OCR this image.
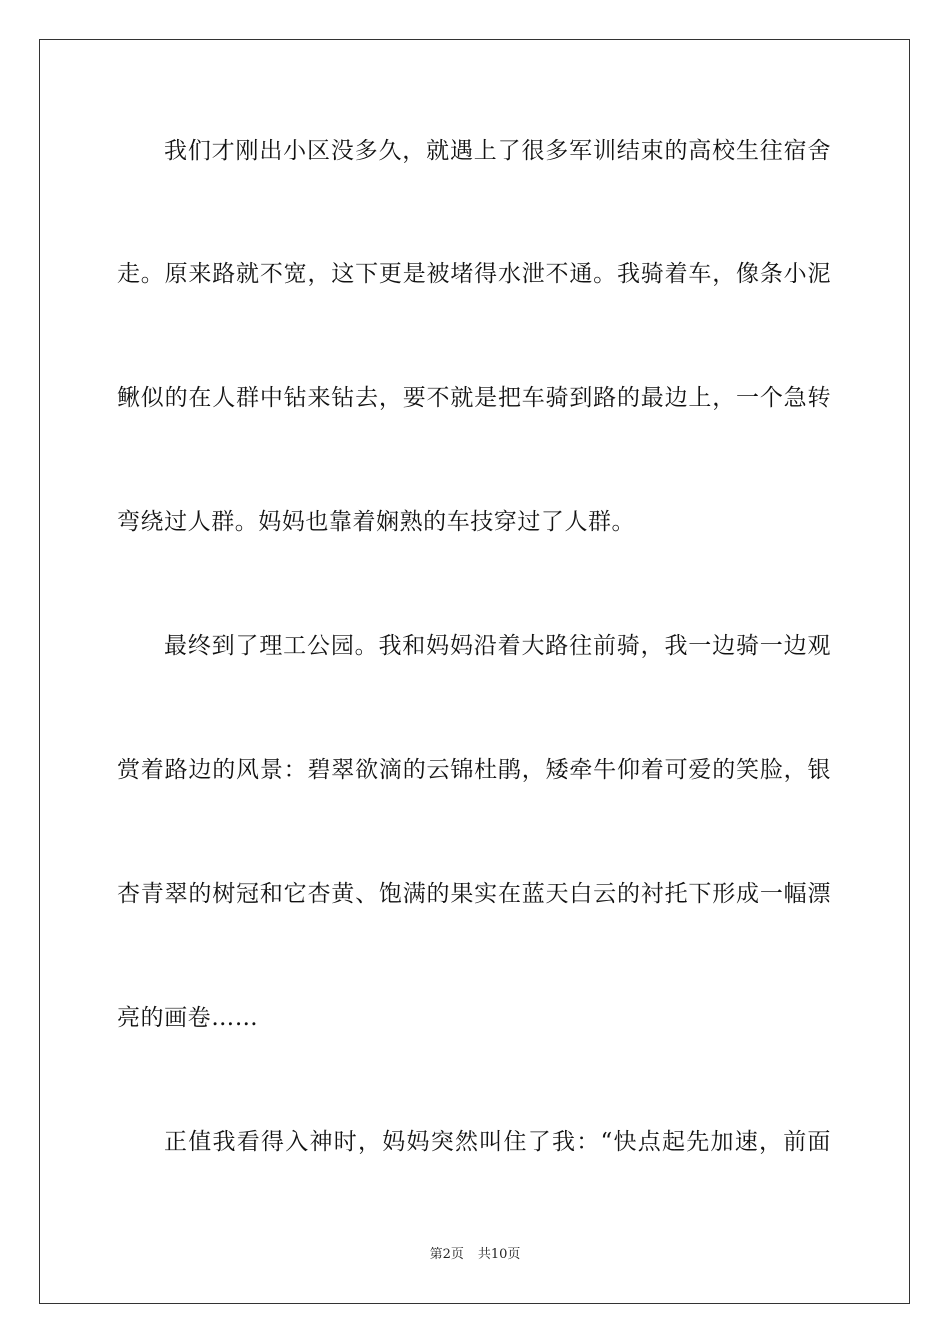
我们才刚出小区没多久，就遇上了很多军训结束的高校生往宿舍
走。原来路就不宽，这下更是被堵得水泄不通。我骑着车，像条小泥
鳅似的在人群中钻来钻去，要不就是把车骑到路的最边上，一个急转
弯绕过人群。妈妈也靠着娴熟的车技穿过了人群。
最终到了理工公园。我和妈妈沿着大路往前骑，我一边骑一边观
赏着路边的风景：碧翠欲滴的云锦杜鹃，矮牵牛仰着可爱的笑脸，银
杏青翠的树冠和它杏黄、饱满的果实在蓝天白云的衬托下形成一幅漂
亮的画卷……
正值我看得入神时，妈妈突然叫住了我：“快点起先加速，前面
第2页 共10页
